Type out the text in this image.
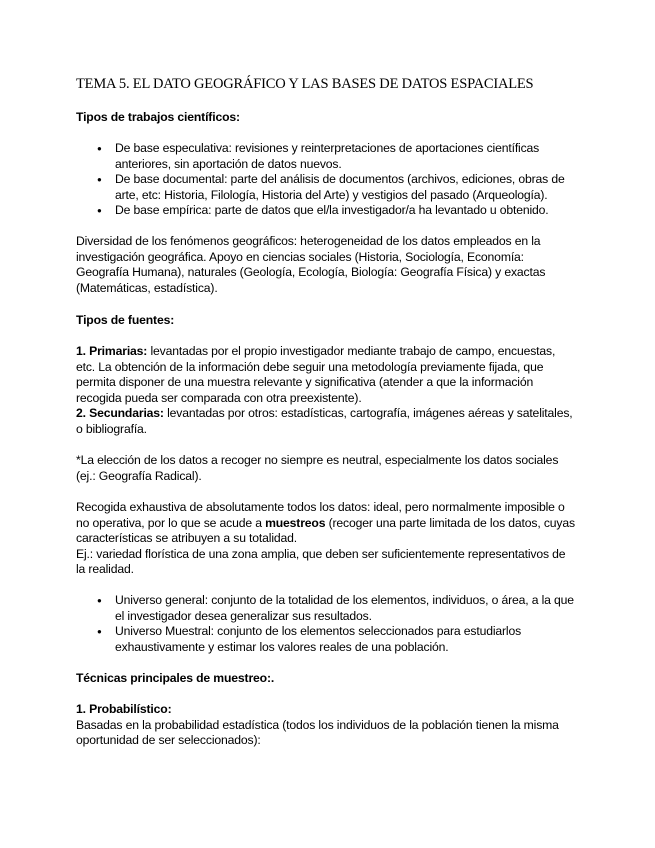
TEMA 5. EL DATO GEOGRÁFICO Y LAS BASES DE DATOS ESPACIALES
Tipos de trabajos científicos:
● De base especulativa: revisiones y reinterpretaciones de aportaciones científicas anteriores, sin aportación de datos nuevos.
● De base documental: parte del análisis de documentos (archivos, ediciones, obras de arte, etc: Historia, Filología, Historia del Arte) y vestigios del pasado (Arqueología).
● De base empírica: parte de datos que el/la investigador/a ha levantado u obtenido.
Diversidad de los fenómenos geográficos: heterogeneidad de los datos empleados en la investigación geográfica. Apoyo en ciencias sociales (Historia, Sociología, Economía: Geografía Humana), naturales (Geología, Ecología, Biología: Geografía Física) y exactas (Matemáticas, estadística).
Tipos de fuentes:
1. Primarias: levantadas por el propio investigador mediante trabajo de campo, encuestas, etc. La obtención de la información debe seguir una metodología previamente fijada, que permita disponer de una muestra relevante y significativa (atender a que la información recogida pueda ser comparada con otra preexistente).
2. Secundarias: levantadas por otros: estadísticas, cartografía, imágenes aéreas y satelitales, o bibliografía.
*La elección de los datos a recoger no siempre es neutral, especialmente los datos sociales (ej.: Geografía Radical).
Recogida exhaustiva de absolutamente todos los datos: ideal, pero normalmente imposible o no operativa, por lo que se acude a muestreos (recoger una parte limitada de los datos, cuyas características se atribuyen a su totalidad.
Ej.: variedad florística de una zona amplia, que deben ser suficientemente representativos de la realidad.
● Universo general: conjunto de la totalidad de los elementos, individuos, o área, a la que el investigador desea generalizar sus resultados.
● Universo Muestral: conjunto de los elementos seleccionados para estudiarlos exhaustivamente y estimar los valores reales de una población.
Técnicas principales de muestreo:.
1. Probabilístico:
Basadas en la probabilidad estadística (todos los individuos de la población tienen la misma oportunidad de ser seleccionados):
